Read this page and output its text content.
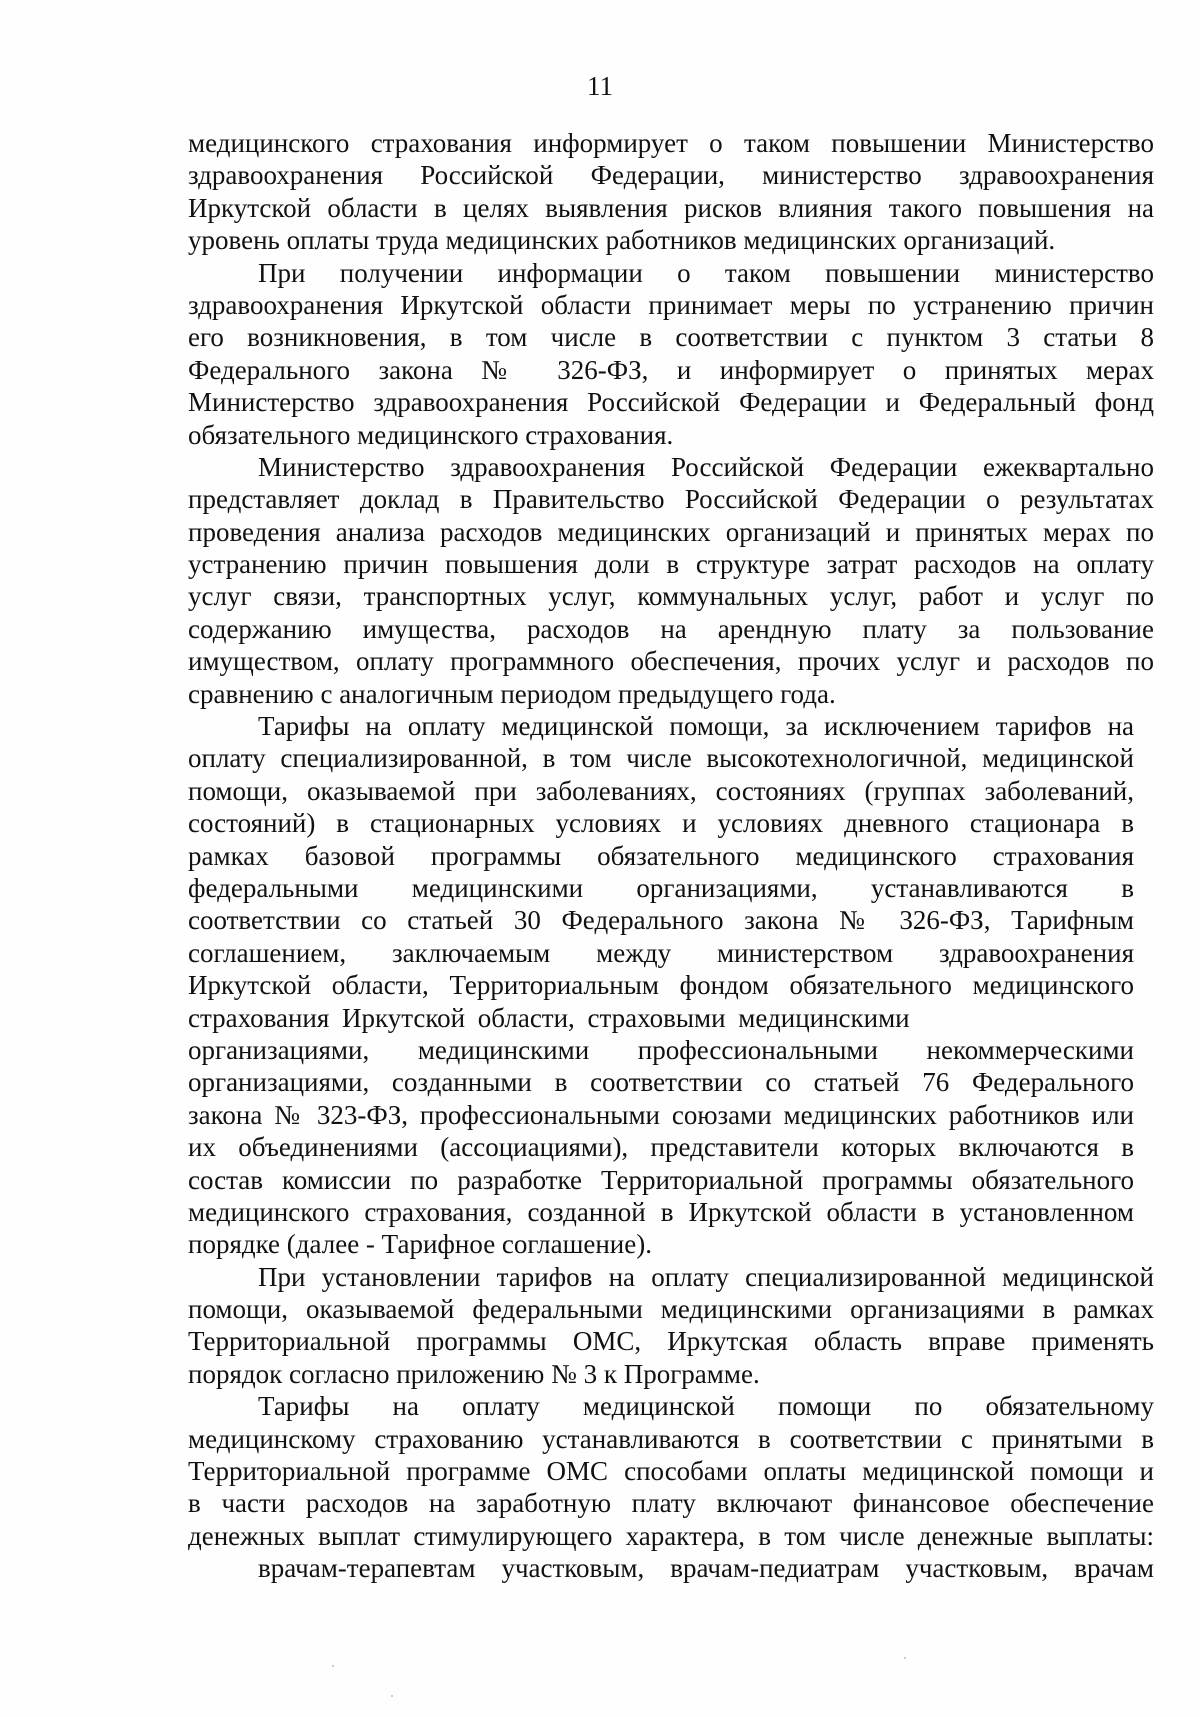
11
медицинского страхования информирует о таком повышении Министерство
здравоохранения Российской Федерации, министерство здравоохранения
Иркутской области в целях выявления рисков влияния такого повышения на
уровень оплаты труда медицинских работников медицинских организаций.
При получении информации о таком повышении министерство
здравоохранения Иркутской области принимает меры по устранению причин
его возникновения, в том числе в соответствии с пунктом 3 статьи 8
Федерального закона № 326-ФЗ, и информирует о принятых мерах
Министерство здравоохранения Российской Федерации и Федеральный фонд
обязательного медицинского страхования.
Министерство здравоохранения Российской Федерации ежеквартально
представляет доклад в Правительство Российской Федерации о результатах
проведения анализа расходов медицинских организаций и принятых мерах по
устранению причин повышения доли в структуре затрат расходов на оплату
услуг связи, транспортных услуг, коммунальных услуг, работ и услуг по
содержанию имущества, расходов на арендную плату за пользование
имуществом, оплату программного обеспечения, прочих услуг и расходов по
сравнению с аналогичным периодом предыдущего года.
Тарифы на оплату медицинской помощи, за исключением тарифов на
оплату специализированной, в том числе высокотехнологичной, медицинской
помощи, оказываемой при заболеваниях, состояниях (группах заболеваний,
состояний) в стационарных условиях и условиях дневного стационара в
рамках базовой программы обязательного медицинского страхования
федеральными медицинскими организациями, устанавливаются в
соответствии со статьей 30 Федерального закона № 326-ФЗ, Тарифным
соглашением, заключаемым между министерством здравоохранения
Иркутской области, Территориальным фондом обязательного медицинского
страхования Иркутской области, страховыми медицинскими
организациями, медицинскими профессиональными некоммерческими
организациями, созданными в соответствии со статьей 76 Федерального
закона № 323-ФЗ, профессиональными союзами медицинских работников или
их объединениями (ассоциациями), представители которых включаются в
состав комиссии по разработке Территориальной программы обязательного
медицинского страхования, созданной в Иркутской области в установленном
порядке (далее - Тарифное соглашение).
При установлении тарифов на оплату специализированной медицинской
помощи, оказываемой федеральными медицинскими организациями в рамках
Территориальной программы ОМС, Иркутская область вправе применять
порядок согласно приложению № 3 к Программе.
Тарифы на оплату медицинской помощи по обязательному
медицинскому страхованию устанавливаются в соответствии с принятыми в
Территориальной программе ОМС способами оплаты медицинской помощи и
в части расходов на заработную плату включают финансовое обеспечение
денежных выплат стимулирующего характера, в том числе денежные выплаты:
врачам-терапевтам участковым, врачам-педиатрам участковым, врачам
